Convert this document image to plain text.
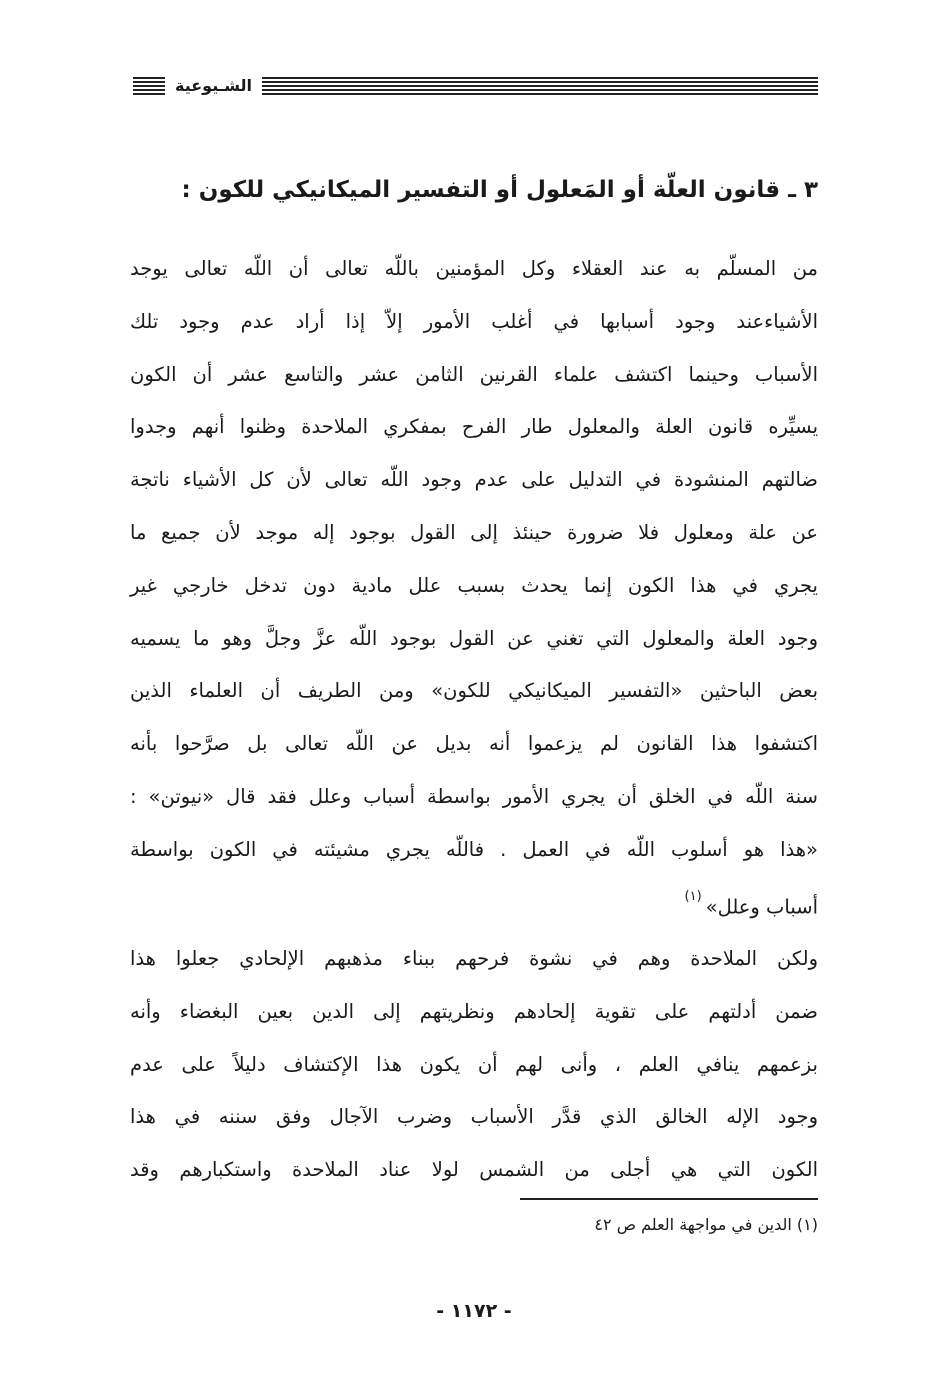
الشـيوعية
٣ ـ قانون العلّة أو المَعلول أو التفسير الميكانيكي للكون :
من المسلّم به عند العقلاء وكل المؤمنين باللّه تعالى أن اللّه تعالى يوجد
الأشياءعند وجود أسبابها في أغلب الأمور إلاّ إذا أراد عدم وجود تلك
الأسباب وحينما اكتشف علماء القرنين الثامن عشر والتاسع عشر أن الكون
يسيِّره قانون العلة والمعلول طار الفرح بمفكري الملاحدة وظنوا أنهم وجدوا
ضالتهم المنشودة في التدليل على عدم وجود اللّه تعالى لأن كل الأشياء ناتجة
عن علة ومعلول فلا ضرورة حينئذ إلى القول بوجود إله موجد لأن جميع ما
يجري في هذا الكون إنما يحدث بسبب علل مادية دون تدخل خارجي غير
وجود العلة والمعلول التي تغني عن القول بوجود اللّه عزَّ وجلَّ وهو ما يسميه
بعض الباحثين «التفسير الميكانيكي للكون» ومن الطريف أن العلماء الذين
اكتشفوا هذا القانون لم يزعموا أنه بديل عن اللّه تعالى بل صرَّحوا بأنه
سنة اللّه في الخلق أن يجري الأمور بواسطة أسباب وعلل فقد قال «نيوتن» :
«هذا هو أسلوب اللّه في العمل . فاللّه يجري مشيئته في الكون بواسطة
أسباب وعلل»$^{(١)}$
ولكن الملاحدة وهم في نشوة فرحهم ببناء مذهبهم الإلحادي جعلوا هذا
ضمن أدلتهم على تقوية إلحادهم ونظريتهم إلى الدين بعين البغضاء وأنه
بزعمهم ينافي العلم ، وأنى لهم أن يكون هذا الإكتشاف دليلاً على عدم
وجود الإله الخالق الذي قدَّر الأسباب وضرب الآجال وفق سننه في هذا
الكون التي هي أجلى من الشمس لولا عناد الملاحدة واستكبارهم وقد
(١) الدين في مواجهة العلم ص ٤٢
- ١١٧٢ -
